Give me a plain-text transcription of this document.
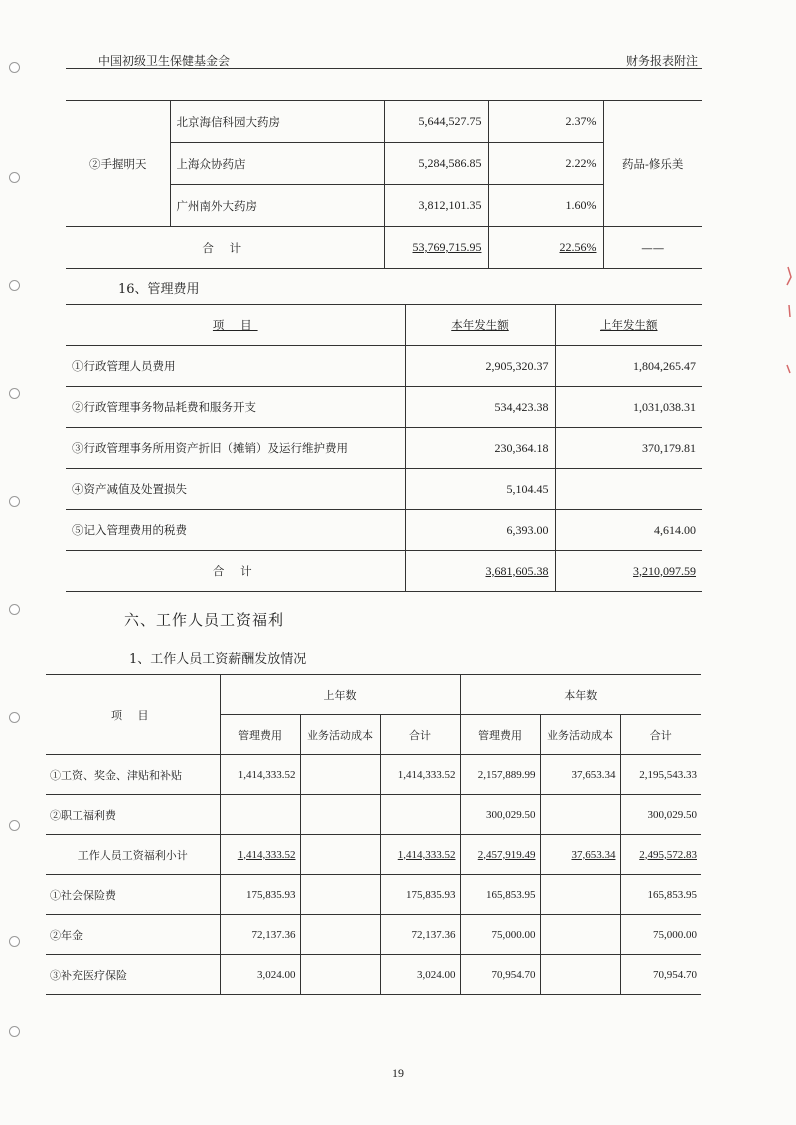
中国初级卫生保健基金会	财务报表附注
②手握明天	北京海信科园大药房	5,644,527.75	2.37%	药品-修乐美
	上海众协药店	5,284,586.85	2.22%	
	广州南外大药房	3,812,101.35	1.60%	
合 计		53,769,715.95	22.56%	——
16、管理费用
项 目	本年发生额	上年发生额
①行政管理人员费用	2,905,320.37	1,804,265.47
②行政管理事务物品耗费和服务开支	534,423.38	1,031,038.31
③行政管理事务所用资产折旧（摊销）及运行维护费用	230,364.18	370,179.81
④资产减值及处置损失	5,104.45	
⑤记入管理费用的税费	6,393.00	4,614.00
合 计	3,681,605.38	3,210,097.59
六、工作人员工资福利
1、工作人员工资薪酬发放情况
项 目	上年数			本年数		
	管理费用	业务活动成本	合计	管理费用	业务活动成本	合计
①工资、奖金、津贴和补贴	1,414,333.52		1,414,333.52	2,157,889.99	37,653.34	2,195,543.33
②职工福利费				300,029.50		300,029.50
工作人员工资福利小计	1,414,333.52		1,414,333.52	2,457,919.49	37,653.34	2,495,572.83
①社会保险费	175,835.93		175,835.93	165,853.95		165,853.95
②年金	72,137.36		72,137.36	75,000.00		75,000.00
③补充医疗保险	3,024.00		3,024.00	70,954.70		70,954.70
19
